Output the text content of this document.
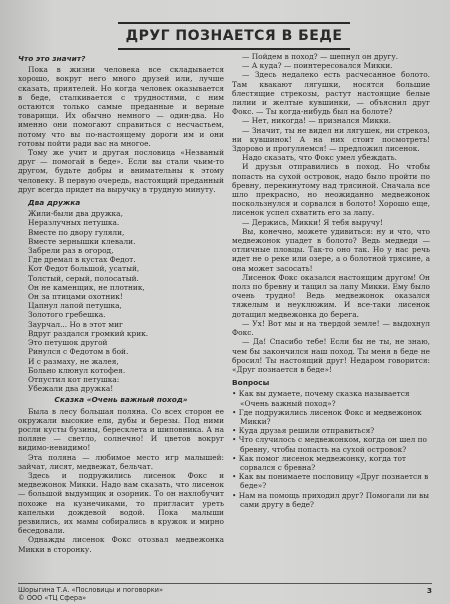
ДРУГ ПОЗНАЕТСЯ В БЕДЕ
Что это значит?
Пока в жизни человека все складывается хорошо, вокруг него много друзей или, лучше сказать, приятелей. Но когда человек оказывается в беде, сталкивается с трудностями, с ним остаются только самые преданные и верные товарищи. Их обычно немного — один-два. Но именно они помогают справиться с несчастьем, потому что вы по-настоящему дороги им и они готовы пойти ради вас на многое.
Тому же учит и другая пословица «Незваный друг — помогай в беде». Если вы стали чьим-то другом, будьте добры и внимательны к этому человеку. В первую очередь, настоящий преданный друг всегда придет на выручку в трудную минуту.
Два дружка
Жили-были два дружка,
Неразлучных петушка.
Вместе по двору гуляли,
Вместе зернышки клевали.
Забрели раз в огород,
Где дремал в кустах Федот.
Кот Федот большой, усатый,
Толстый, серый, полосатый.
Он не каменщик, не плотник,
Он за птицами охотник!
Цапнул лапой петушка,
Золотого гребешка.
Заурчал... Но в этот миг
Вдруг раздался громкий крик.
Это петушок другой
Ринулся с Федотом в бой.
И с размаху, не жалея,
Больно клюнул котофея.
Отпустил кот петушка:
Убежали два дружка!
Сказка «Очень важный поход»
Была в лесу большая поляна. Со всех сторон ее окружали высокие ели, дубы и березы. Под ними росли кусты бузины, бересклета и шиповника. А на поляне — светло, солнечно! И цветов вокруг видимо-невидимо!
Эта поляна — любимое место игр малышей: зайчат, лисят, медвежат, бельчат.
Здесь и подружились лисенок Фокс и медвежонок Микки. Надо вам сказать, что лисенок — большой выдумщик и озорник. То он нахлобучит похоже на кузнечиками, то пригласит уреть капельки дождевой водой. Пока малыши резвились, их мамы собирались в кружок и мирно беседовали.
Однажды лисенок Фокс отозвал медвежонка Микки в сторонку.
— Пойдем в поход? — шепнул он другу.
— А куда? — поинтересовался Микки.
— Здесь недалеко есть расчесанное болото. Там квакают лягушки, носятся большие блестящие стрекозы, растут настоящие белые лилии и желтые кувшинки, — объяснил друг Фокс. — Ты когда-нибудь был на болоте?
— Нет, никогда! — признался Микки.
— Значит, ты не видел ни лягушек, ни стрекоз, ни кувшинок! А на них стоит посмотреть! Здорово и прогуляемся! — предложил лисенок.
Надо сказать, что Фокс умел убеждать.
И друзья отправились в поход. Но чтобы попасть на сухой островок, надо было пройти по бревну, перекинутому над трясиной. Сначала все шло прекрасно, но неожиданно медвежонок поскользнулся и сорвался в болото! Хорошо еще, лисенок успел схватить его за лапу.
— Держись, Микки! Я тебя выручу!
Вы, конечно, можете удивиться: ну и что, что медвежонок упадет в болото? Ведь медведи — отличные пловцы. Так-то оно так. Но у нас речь идет не о реке или озере, а о болотной трясине, а она может засосать!
Лисенок Фокс оказался настоящим другом! Он полз по бревну и тащил за лапу Микки. Ему было очень трудно! Ведь медвежонок оказался тяжелым и неуклюжим. И все-таки лисенок дотащил медвежонка до берега.
— Ух! Вот мы и на твердой земле! — выдохнул Фокс.
— Да! Спасибо тебе! Если бы не ты, не знаю, чем бы закончился наш поход. Ты меня в беде не бросил! Ты настоящий друг! Недаром говорится: «Друг познается в беде»!
Вопросы
• Как вы думаете, почему сказка называется «Очень важный поход»?
• Где подружились лисенок Фокс и медвежонок Микки?
• Куда друзья решили отправиться?
• Что случилось с медвежонком, когда он шел по бревну, чтобы попасть на сухой островок?
• Как помог лисенок медвежонку, когда тот сорвался с бревна?
• Как вы понимаете пословицу «Друг познается в беде»?
• Нам на помощь приходил друг? Помогали ли вы сами другу в беде?
Шорыгина Т.А. «Пословицы и поговорки»
© ООО «ТЦ Сфера»
3
